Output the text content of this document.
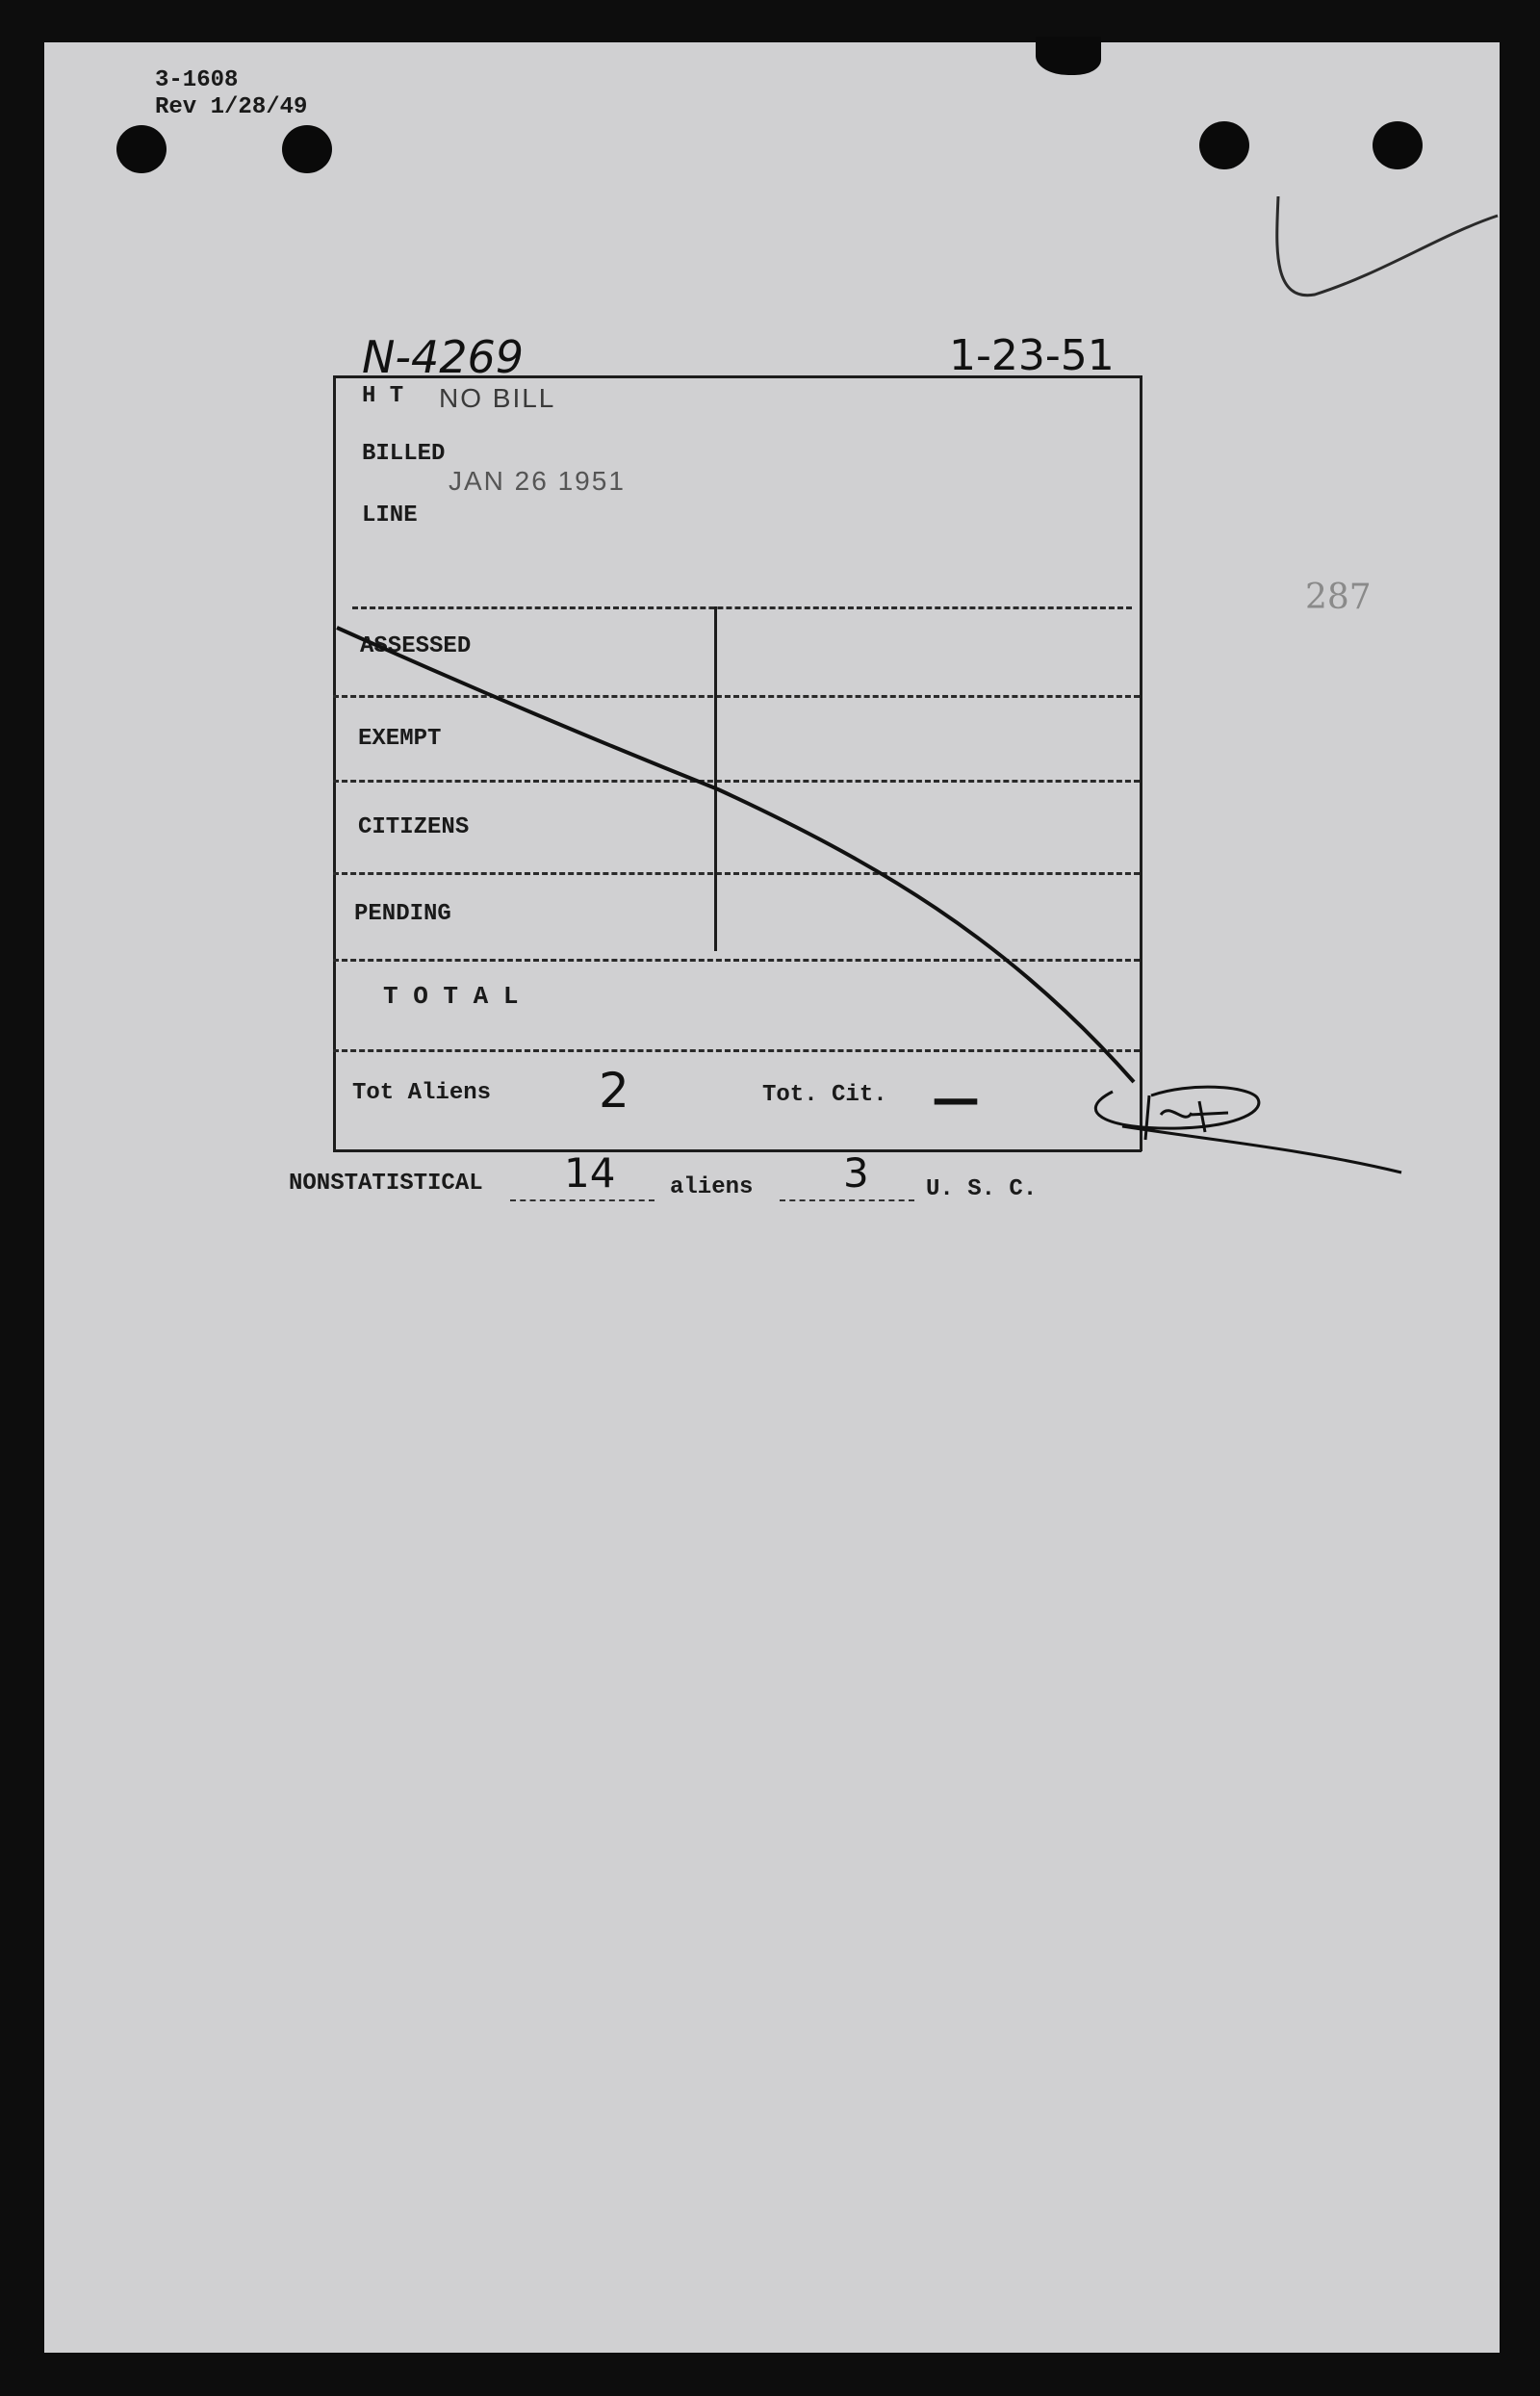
3-1608
Rev 1/28/49
N-4269	1-23-51
287
H T NO BILL
BILLED
JAN 26 1951
LINE
ASSESSED
EXEMPT
CITIZENS
PENDING
T O T A L
Tot Aliens 2	Tot. Cit. —
NONSTATISTICAL 14 aliens 3 U. S. C.
